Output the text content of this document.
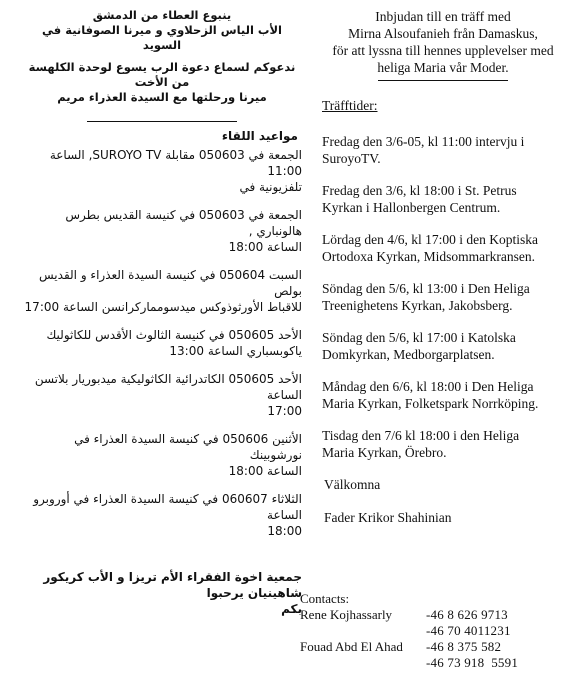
ينبوع العطاء من الدمشق
الأب الياس الزحلاوي و ميرنا الصوفانية في السويد
ندعوكم لسماع دعوة الرب يسوع لوحدة الكلهسة من الأخت
ميرنا ورحلتها مع السيدة العذراء مريم
مواعيد اللقاء
الجمعة في 050603 مقابلة SUROYO TV, الساعة 11:00
تلفزيونية في
الجمعة في 050603 في كنيسة القديس بطرس هالونباري ,
الساعة 18:00
السبت 050604 في كنيسة السيدة العذراء و القديس بولص
للاقباط الأورثوذوكس ميدسومماركرانسن الساعة 17:00
الأحد 050605 في كنيسة الثالوث الأقدس للكاثوليك
ياكوبسباري الساعة 13:00
الأحد 050605 الكاتدرائية الكاثوليكية ميدبوريار بلاتسن الساعة
17:00
الأثنين 050606 في كنيسة السيدة العذراء في نورشوبينك
الساعة 18:00
الثلاثاء 060607 في كنيسة السيدة العذراء في أوروبرو الساعة
18:00
جمعية اخوة الفقراء الأم تريزا و الأب كريكور شاهينيان يرحبوا
بكم
Inbjudan till en träff med
Mirna Alsoufanieh från Damaskus,
för att lyssna till hennes upplevelser med
heliga Maria vår Moder.
Träfftider:
Fredag den 3/6-05, kl 11:00 intervju i
SuroyoTV.
Fredag den 3/6, kl 18:00 i St. Petrus
Kyrkan i Hallonbergen Centrum.
Lördag den 4/6, kl 17:00 i den Koptiska
Ortodoxa Kyrkan, Midsommarkransen.
Söndag den 5/6, kl 13:00 i Den Heliga
Treenighetens Kyrkan, Jakobsberg.
Söndag den 5/6, kl 17:00 i Katolska
Domkyrkan, Medborgarplatsen.
Måndag den 6/6, kl 18:00 i Den Heliga
Maria Kyrkan, Folketspark Norrköping.
Tisdag den 7/6 kl 18:00 i den Heliga
Maria Kyrkan, Örebro.
Välkomna
Fader Krikor Shahinian
Contacts:
Rene Kojhassarly	-46 8 626 9713
-46 70 4011231
Fouad Abd El Ahad	-46 8 375 582
-46 73 918  5591
